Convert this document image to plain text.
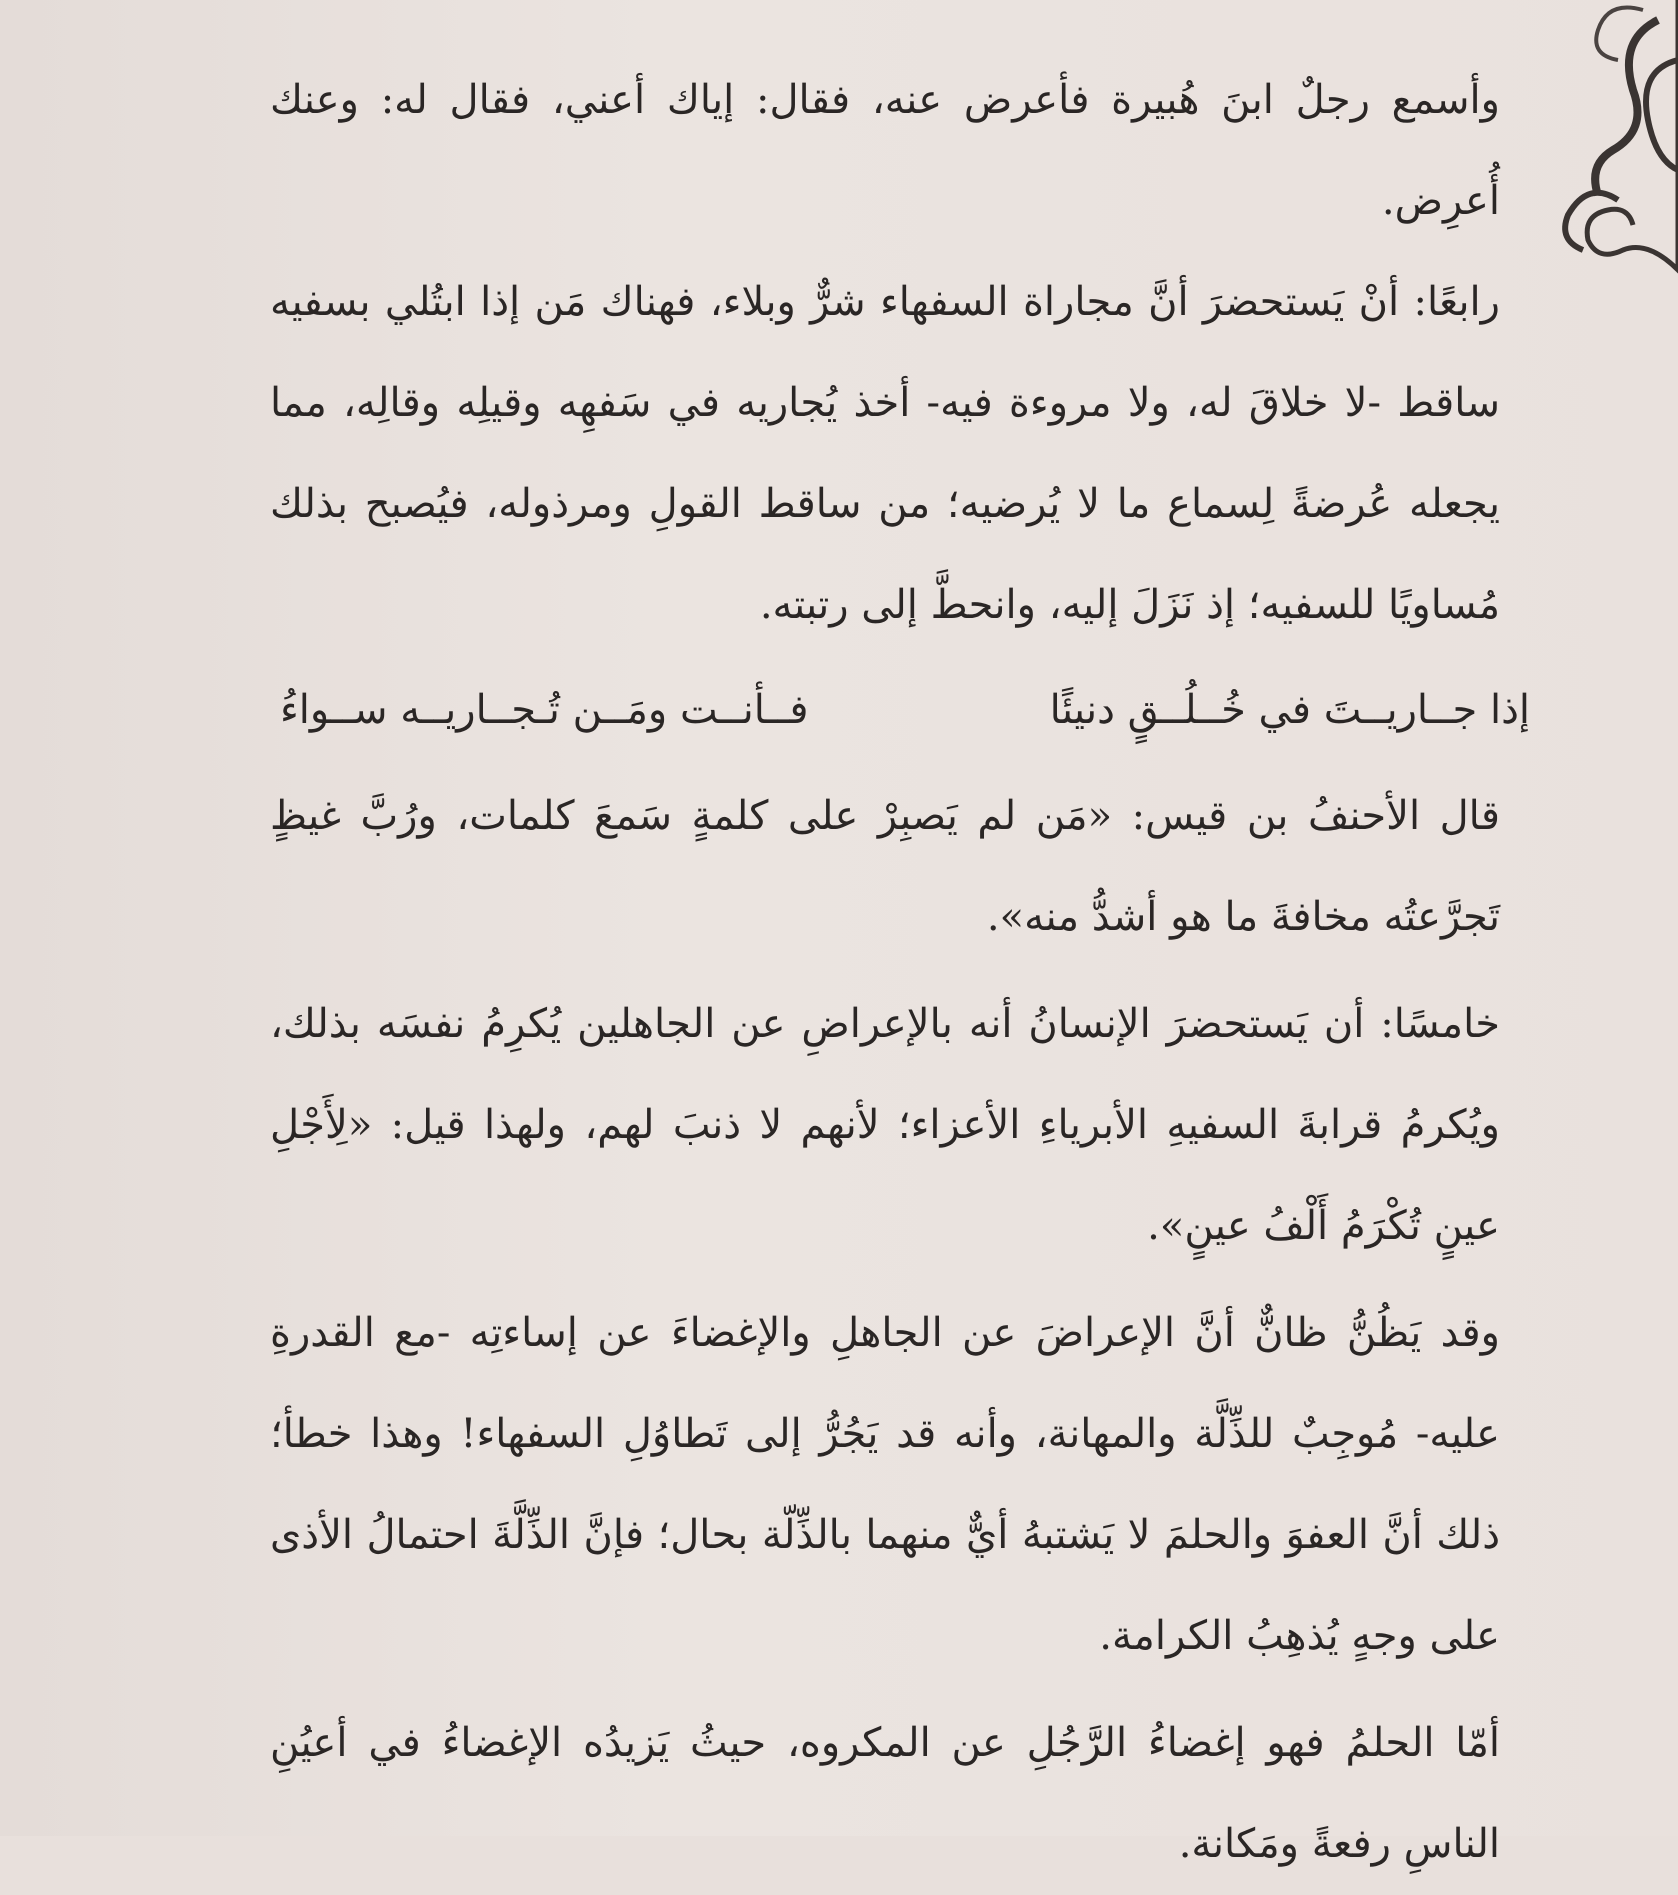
وأسمع رجلٌ ابنَ هُبيرة فأعرض عنه، فقال: إياك أعني، فقال له: وعنك أُعرِض.

رابعًا: أنْ يَستحضرَ أنَّ مجاراة السفهاء شرٌّ وبلاء، فهناك مَن إذا ابتُلي بسفيه ساقط -لا خلاقَ له، ولا مروءة فيه- أخذ يُجاريه في سَفهِه وقيلِه وقالِه، مما يجعله عُرضةً لِسماع ما لا يُرضيه؛ من ساقط القولِ ومرذوله، فيُصبح بذلك مُساويًا للسفيه؛ إذ نَزَلَ إليه، وانحطَّ إلى رتبته.

إذا جــاريــتَ في خُــلُــقٍ دنيئًا
فــأنــت ومَــن تُـجــاريــه ســواءُ

قال الأحنفُ بن قيس: «مَن لم يَصبِرْ على كلمةٍ سَمعَ كلمات، ورُبَّ غيظٍ تَجرَّعتُه مخافةَ ما هو أشدُّ منه».

خامسًا: أن يَستحضرَ الإنسانُ أنه بالإعراضِ عن الجاهلين يُكرِمُ نفسَه بذلك، ويُكرمُ قرابةَ السفيهِ الأبرياءِ الأعزاء؛ لأنهم لا ذنبَ لهم، ولهذا قيل: «لِأَجْلِ عينٍ تُكْرَمُ أَلْفُ عينٍ».

وقد يَظُنُّ ظانٌّ أنَّ الإعراضَ عن الجاهلِ والإغضاءَ عن إساءتِه -مع القدرةِ عليه- مُوجِبٌ للذِّلَّة والمهانة، وأنه قد يَجُرُّ إلى تَطاوُلِ السفهاء! وهذا خطأ؛ ذلك أنَّ العفوَ والحلمَ لا يَشتبهُ أيٌّ منهما بالذِّلّة بحال؛ فإنَّ الذِّلَّةَ احتمالُ الأذى على وجهٍ يُذهِبُ الكرامة.

أمّا الحلمُ فهو إغضاءُ الرَّجُلِ عن المكروه، حيثُ يَزيدُه الإغضاءُ في أعيُنِ الناسِ رفعةً ومَكانة.
